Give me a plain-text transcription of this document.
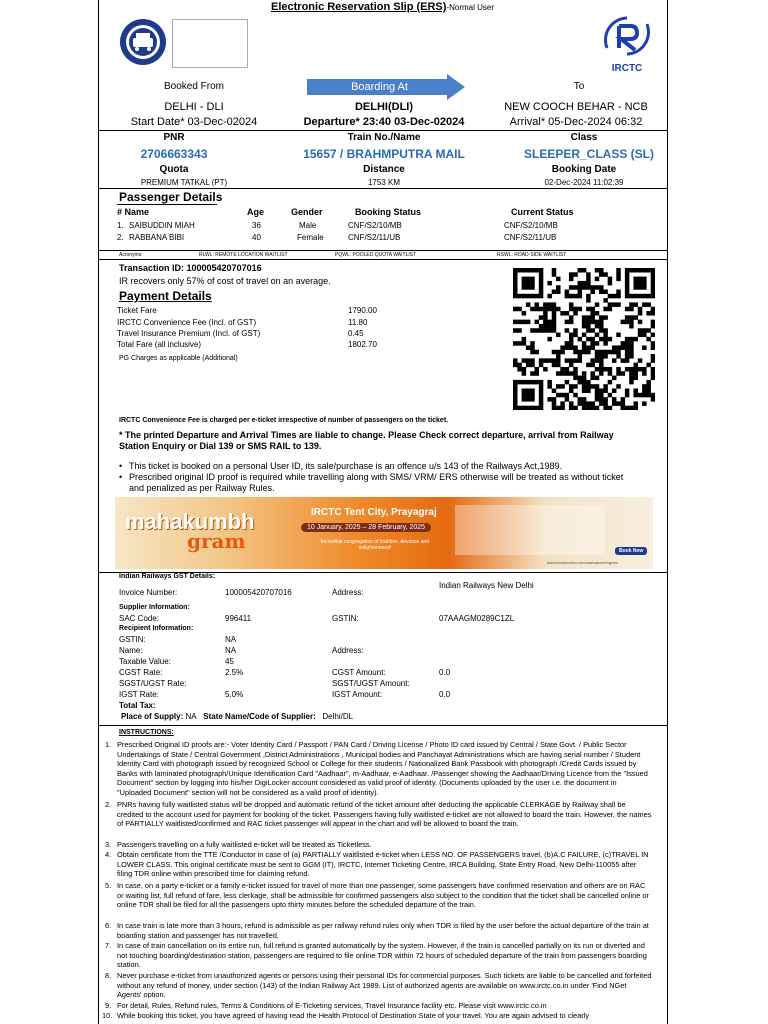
Electronic Reservation Slip (ERS)-Normal User
IRCTC
Booked From	Boarding At	To
DELHI - DLI	DELHI(DLI)	NEW COOCH BEHAR - NCB
Start Date* 03-Dec-02024	Departure* 23:40 03-Dec-02024	Arrival* 05-Dec-2024 06:32
PNR	Train No./Name	Class
2706663343	15657 / BRAHMPUTRA MAIL	SLEEPER_CLASS (SL)
Quota	Distance	Booking Date
PREMIUM TATKAL (PT)	1753 KM	02-Dec-2024 11:02:39
Passenger Details
# Name	Age	Gender	Booking Status	Current Status
1. SAIBUDDIN MIAH	36	Male	CNF/S2/10/MB	CNF/S2/10/MB
2. RABBANA BIBI	40	Female	CNF/S2/11/UB	CNF/S2/11/UB
Acronyms:	RLWL: REMOTE LOCATION WAITLIST	PQWL: POOLED QUOTA WAITLIST	RSWL: ROAD-SIDE WAITLIST
Transaction ID: 100005420707016
IR recovers only 57% of cost of travel on an average.
Payment Details
Ticket Fare	1790.00
IRCTC Convenience Fee (Incl. of GST)	11.80
Travel Insurance Premium (Incl. of GST)	0.45
Total Fare (all inclusive)	1802.70
PG Charges as applicable (Additional)
IRCTC Convenience Fee is charged per e-ticket irrespective of number of passengers on the ticket.
* The printed Departure and Arrival Times are liable to change. Please Check correct departure, arrival from Railway Station Enquiry or Dial 139 or SMS RAIL to 139.
• This ticket is booked on a personal User ID, its sale/purchase is an offence u/s 143 of the Railways Act,1989.
• Prescribed original ID proof is required while travelling along with SMS/ VRM/ ERS otherwise will be treated as without ticket and penalized as per Railway Rules.
mahakumbh
gram
IRCTC Tent City, Prayagraj
10 January, 2025 – 28 February, 2025
Incredible congregation of tradition, devotion and enlightenment!	Book Now
www.irctctourism.com/mahakumbhgram
Indian Railways GST Details:
Invoice Number:	100005420707016	Address:
Indian Railways New Delhi
Supplier Information:
SAC Code:	996411	GSTIN:	07AAAGM0289C1ZL
Recipient Information:
GSTIN:	NA
Name:	NA	Address:
Taxable Value:	45
CGST Rate:	2.5%	CGST Amount:	0.0
SGST/UGST Rate:	SGST/UGST Amount:
IGST Rate:	5.0%	IGST Amount:	0.0
Total Tax:
Place of Supply: NA State Name/Code of Supplier: Delhi/DL
INSTRUCTIONS:
1. Prescribed Original ID proofs are:- Voter Identity Card / Passport / PAN Card / Driving License / Photo ID card issued by Central / State Govt. / Public Sector Undertakings of State / Central Government ,District Administrations , Municipal bodies and Panchayat Administrations which are having serial number / Student Identity Card with photograph issued by recognized School or College for their students / Nationalized Bank Passbook with photograph /Credit Cards issued by Banks with laminated photograph/Unique Identification Card "Aadhaar", m-Aadhaar, e-Aadhaar. /Passenger showing the Aadhaar/Driving Licence from the "Issued Document" section by logging into his/her DigiLocker account considered as valid proof of identity. (Documents uploaded by the user i.e. the document in "Uploaded Document" section will not be considered as a valid proof of identity).
2. PNRs having fully waitlisted status will be dropped and automatic refund of the ticket amount after deducting the applicable CLERKAGE by Railway shall be credited to the account used for payment for booking of the ticket. Passengers having fully waitlisted e-ticket are not allowed to board the train. However, the names of PARTIALLY waitlisted/confirmed and RAC ticket passenger will appear in the chart and will be allowed to board the train.
3. Passengers travelling on a fully waitlisted e-ticket will be treated as Ticketless.
4. Obtain certificate from the TTE /Conductor in case of (a) PARTIALLY waitlisted e-ticket when LESS NO. OF PASSENGERS travel, (b)A.C FAILURE, (c)TRAVEL IN LOWER CLASS. This original certificate must be sent to GGM (IT), IRCTC, Internet Ticketing Centre, IRCA Building, State Entry Road, New Delhi-110055 after filing TDR online within prescribed time for claiming refund.
5. In case, on a party e-ticket or a family e-ticket issued for travel of more than one passenger, some passengers have confirmed reservation and others are on RAC or waiting list, full refund of fare, less clerkage, shall be admissible for confirmed passengers also subject to the condition that the ticket shall be cancelled online or online TDR shall be filed for all the passengers upto thirty minutes before the scheduled departure of the train.
6. In case train is late more than 3 hours, refund is admissible as per railway refund rules only when TDR is filed by the user before the actual departure of the train at boarding station and passenger has not travelled.
7. In case of train cancellation on its entire run, full refund is granted automatically by the system. However, if the train is cancelled partially on its run or diverted and not touching boarding/destination station, passengers are required to file online TDR within 72 hours of scheduled departure of the train from passengers boarding station.
8. Never purchase e-ticket from unauthorized agents or persons using their personal IDs for commercial purposes. Such tickets are liable to be cancelled and forfeited without any refund of money, under section (143) of the Indian Railway Act 1989. List of authorized agents are available on www.irctc.co.in under 'Find NGet Agents' option.
9. For detail, Rules, Refund rules, Terms & Conditions of E-Ticketing services, Travel Insurance facility etc. Please visit www.irctc.co.in
10. While booking this ticket, you have agreed of having read the Health Protocol of Destination State of your travel. You are again advised to clearly
